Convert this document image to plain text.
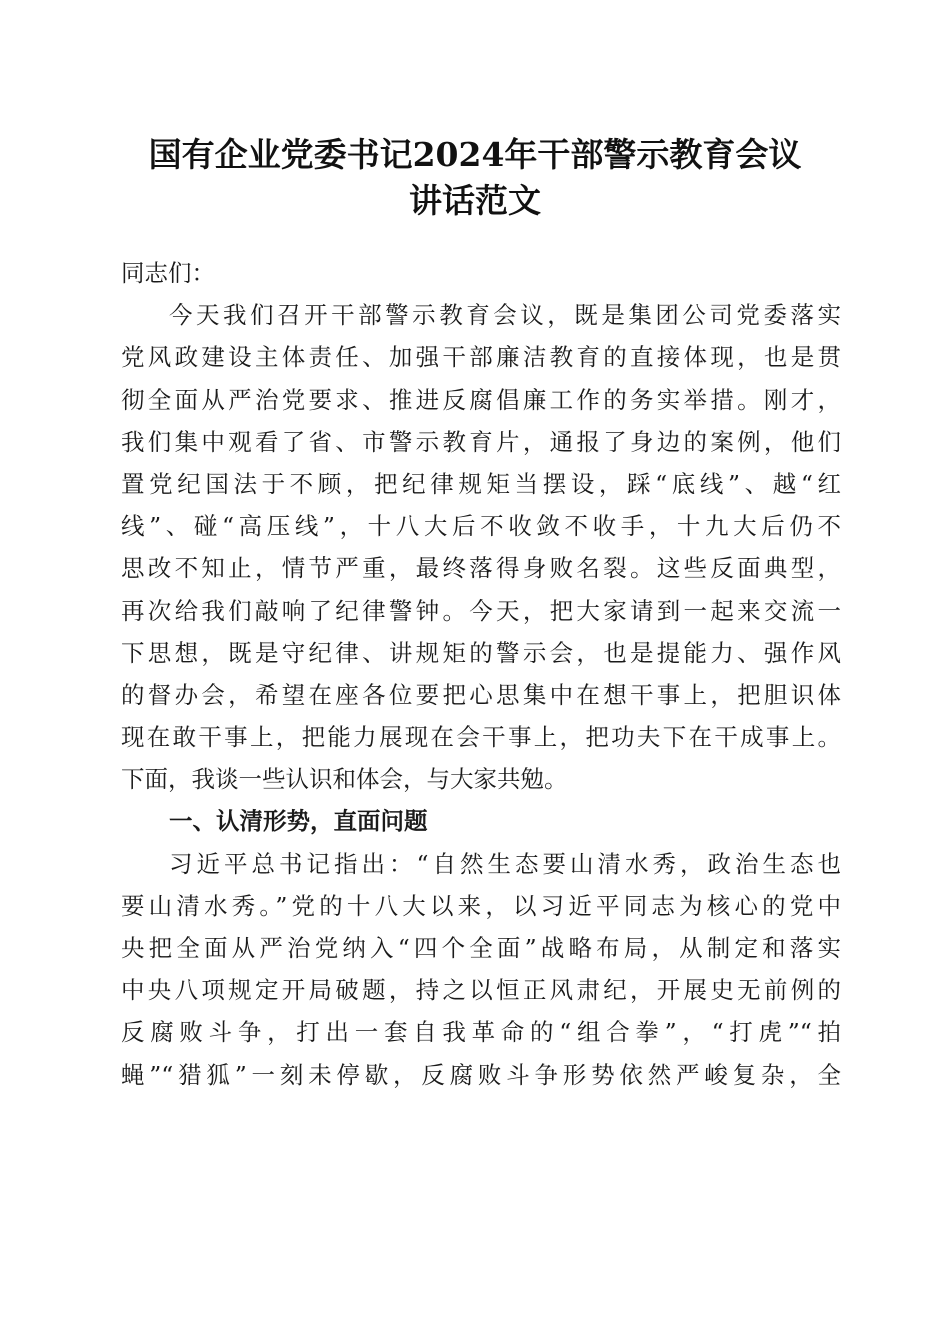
国有企业党委书记2024年干部警示教育会议
讲话范文
同志们：
今天我们召开干部警示教育会议，既是集团公司党委落实
党风政建设主体责任、加强干部廉洁教育的直接体现，也是贯
彻全面从严治党要求、推进反腐倡廉工作的务实举措。刚才，
我们集中观看了省、市警示教育片，通报了身边的案例，他们
置党纪国法于不顾，把纪律规矩当摆设，踩“底线”、越“红
线”、碰“高压线”，十八大后不收敛不收手，十九大后仍不
思改不知止，情节严重，最终落得身败名裂。这些反面典型，
再次给我们敲响了纪律警钟。今天，把大家请到一起来交流一
下思想，既是守纪律、讲规矩的警示会，也是提能力、强作风
的督办会，希望在座各位要把心思集中在想干事上，把胆识体
现在敢干事上，把能力展现在会干事上，把功夫下在干成事上。
下面，我谈一些认识和体会，与大家共勉。
一、认清形势，直面问题
习近平总书记指出：“自然生态要山清水秀，政治生态也
要山清水秀。”党的十八大以来，以习近平同志为核心的党中
央把全面从严治党纳入“四个全面”战略布局，从制定和落实
中央八项规定开局破题，持之以恒正风肃纪，开展史无前例的
反腐败斗争，打出一套自我革命的“组合拳”，“打虎”“拍
蝇”“猎狐”一刻未停歇，反腐败斗争形势依然严峻复杂，全
